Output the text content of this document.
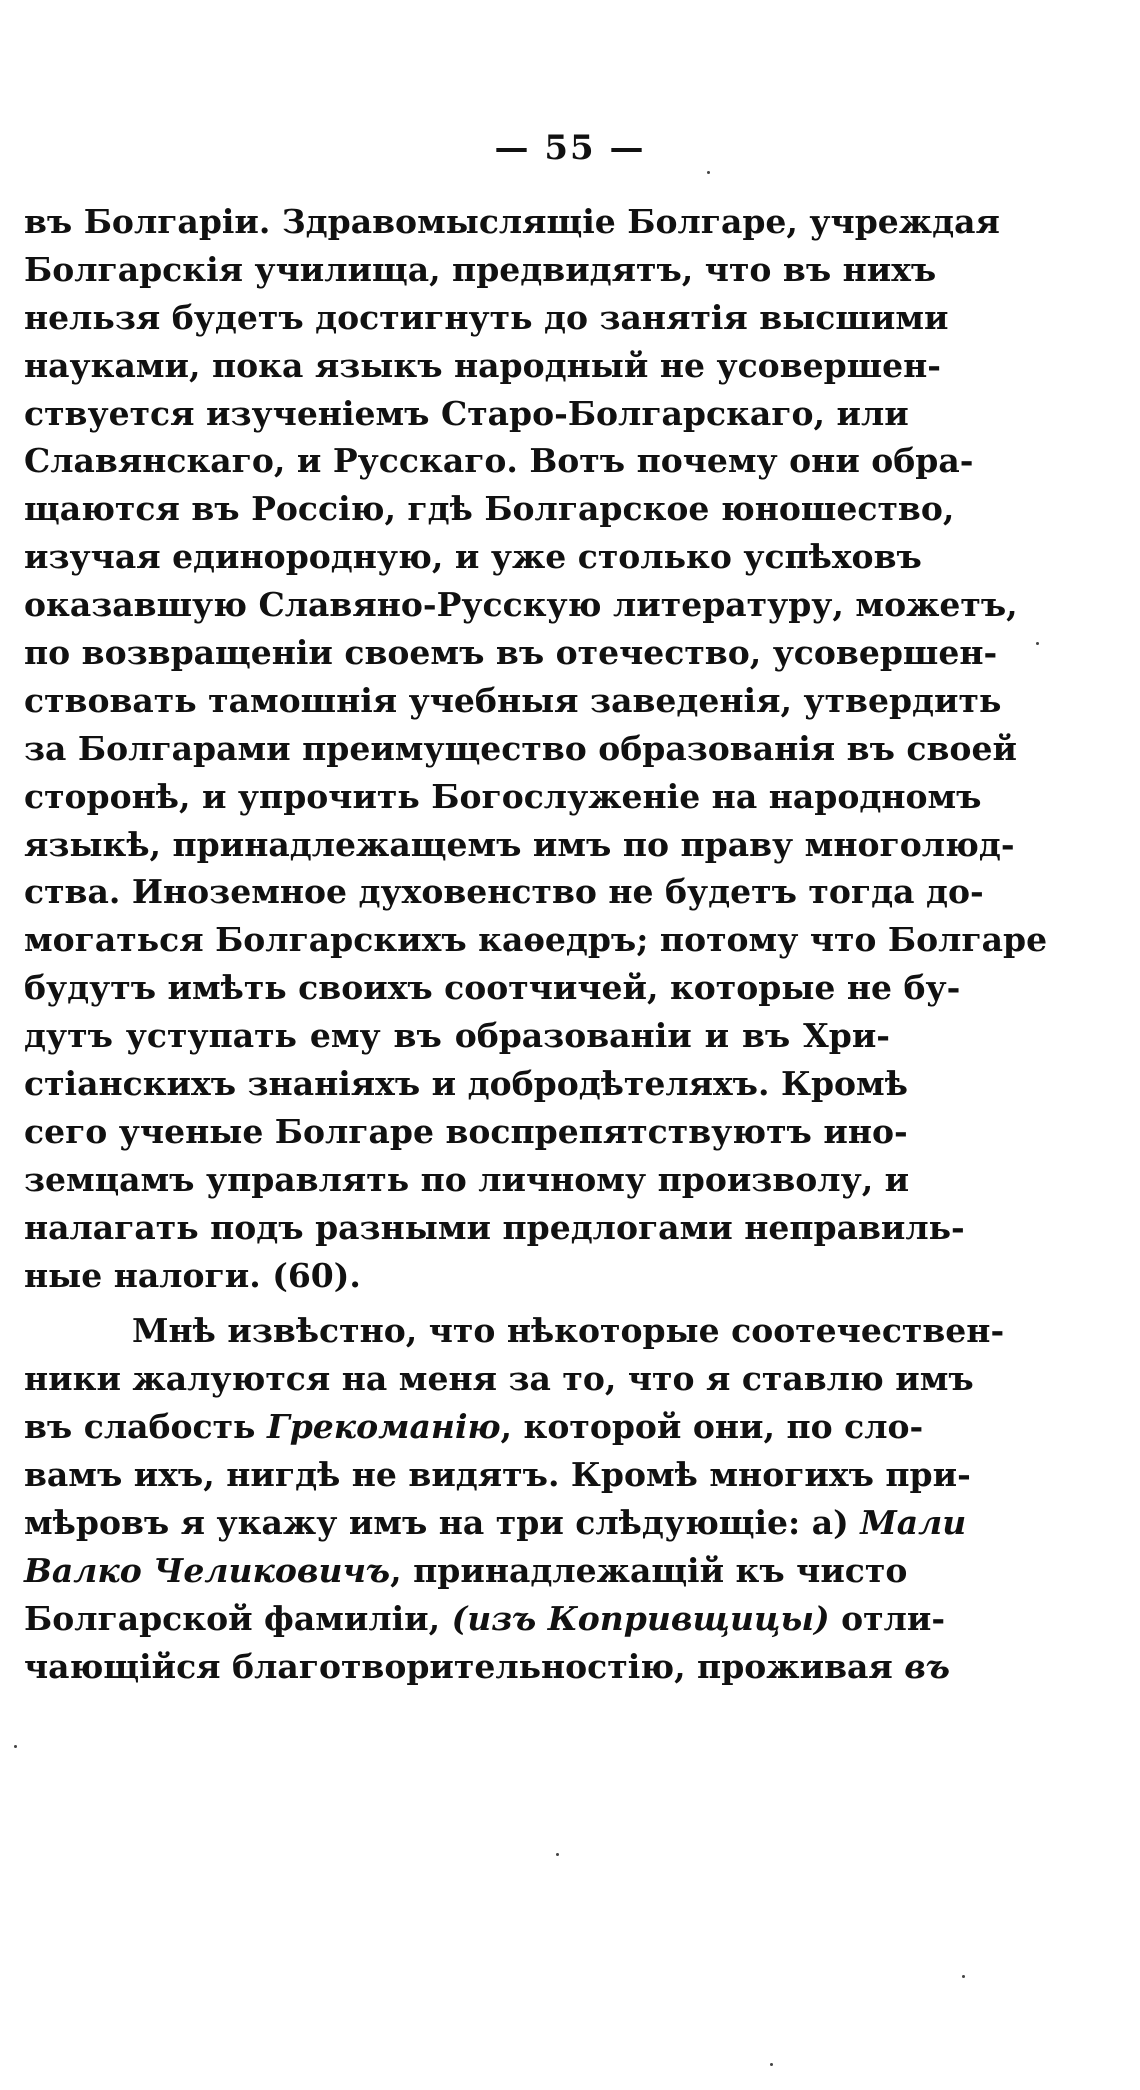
— 55 —
въ Болгаріи. Здравомыслящіе Болгаре, учреждая
Болгарскія училища, предвидятъ, что въ нихъ
нельзя будетъ достигнуть до занятія высшими
науками, пока языкъ народный не усовершен-
ствуется изученіемъ Старо-Болгарскаго, или
Славянскаго, и Русскаго. Вотъ почему они обра-
щаются въ Россію, гдѣ Болгарское юношество,
изучая единородную, и уже столько успѣховъ
оказавшую Славяно-Русскую литературу, можетъ,
по возвращеніи своемъ въ отечество, усовершен-
ствовать тамошнія учебныя заведенія, утвердить
за Болгарами преимущество образованія въ своей
сторонѣ, и упрочить Богослуженіе на народномъ
языкѣ, принадлежащемъ имъ по праву многолюд-
ства. Иноземное духовенство не будетъ тогда до-
могаться Болгарскихъ каѳедръ; потому что Болгаре
будутъ имѣть своихъ соотчичей, которые не бу-
дутъ уступать ему въ образованіи и въ Хри-
стіанскихъ знаніяхъ и добродѣтеляхъ. Кромѣ
сего ученые Болгаре воспрепятствуютъ ино-
земцамъ управлять по личному произволу, и
налагать подъ разными предлогами неправиль-
ные налоги. (60).
Мнѣ извѣстно, что нѣкоторые соотечествен-
ники жалуются на меня за то, что я ставлю имъ
въ слабость Грекоманію, которой они, по сло-
вамъ ихъ, нигдѣ не видятъ. Кромѣ многихъ при-
мѣровъ я укажу имъ на три слѣдующіе: а) Мали
Валко Челиковичъ, принадлежащій къ чисто
Болгарской фамиліи, (изъ Копривщицы) отли-
чающійся благотворительностію, проживая въ
